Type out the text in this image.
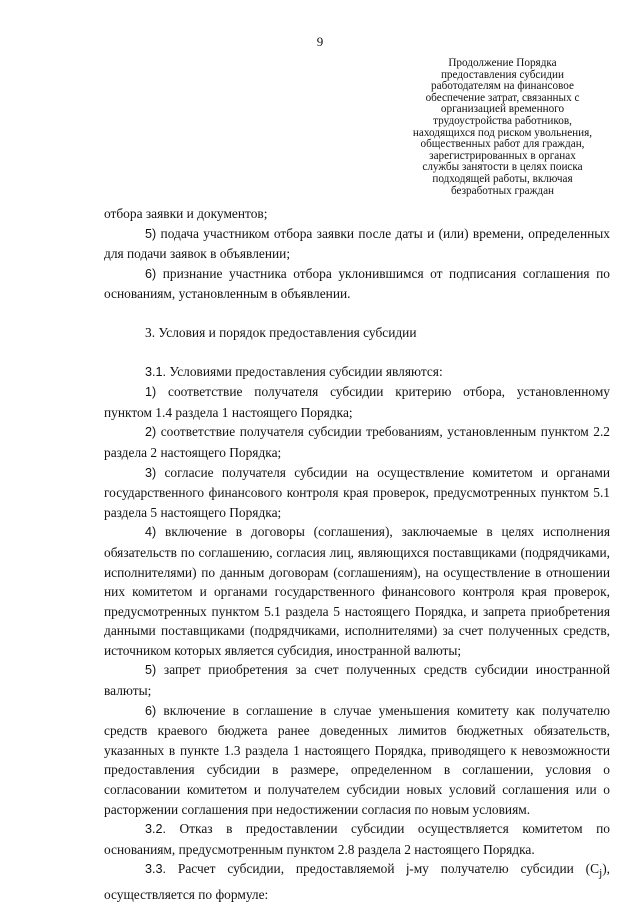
9
Продолжение Порядка
предоставления субсидии
работодателям на финансовое
обеспечение затрат, связанных с
организацией временного
трудоустройства работников,
находящихся под риском увольнения,
общественных работ для граждан,
зарегистрированных в органах
службы занятости в целях поиска
подходящей работы, включая
безработных граждан

отбора заявки и документов;

5) подача участником отбора заявки после даты и (или) времени, определенных для подачи заявок в объявлении;

6) признание участника отбора уклонившимся от подписания соглашения по основаниям, установленным в объявлении.

3. Условия и порядок предоставления субсидии

3.1. Условиями предоставления субсидии являются:

1) соответствие получателя субсидии критерию отбора, установленному пунктом 1.4 раздела 1 настоящего Порядка;

2) соответствие получателя субсидии требованиям, установленным пунктом 2.2 раздела 2 настоящего Порядка;

3) согласие получателя субсидии на осуществление комитетом и органами государственного финансового контроля края проверок, предусмотренных пунктом 5.1 раздела 5 настоящего Порядка;

4) включение в договоры (соглашения), заключаемые в целях исполнения обязательств по соглашению, согласия лиц, являющихся поставщиками (подрядчиками, исполнителями) по данным договорам (соглашениям), на осуществление в отношении них комитетом и органами государственного финансового контроля края проверок, предусмотренных пунктом 5.1 раздела 5 настоящего Порядка, и запрета приобретения данными поставщиками (подрядчиками, исполнителями) за счет полученных средств, источником которых является субсидия, иностранной валюты;

5) запрет приобретения за счет полученных средств субсидии иностранной валюты;

6) включение в соглашение в случае уменьшения комитету как получателю средств краевого бюджета ранее доведенных лимитов бюджетных обязательств, указанных в пункте 1.3 раздела 1 настоящего Порядка, приводящего к невозможности предоставления субсидии в размере, определенном в соглашении, условия о согласовании комитетом и получателем субсидии новых условий соглашения или о расторжении соглашения при недостижении согласия по новым условиям.

3.2. Отказ в предоставлении субсидии осуществляется комитетом по основаниям, предусмотренным пунктом 2.8 раздела 2 настоящего Порядка.

3.3. Расчет субсидии, предоставляемой j-му получателю субсидии $(C_j)$, осуществляется по формуле:
